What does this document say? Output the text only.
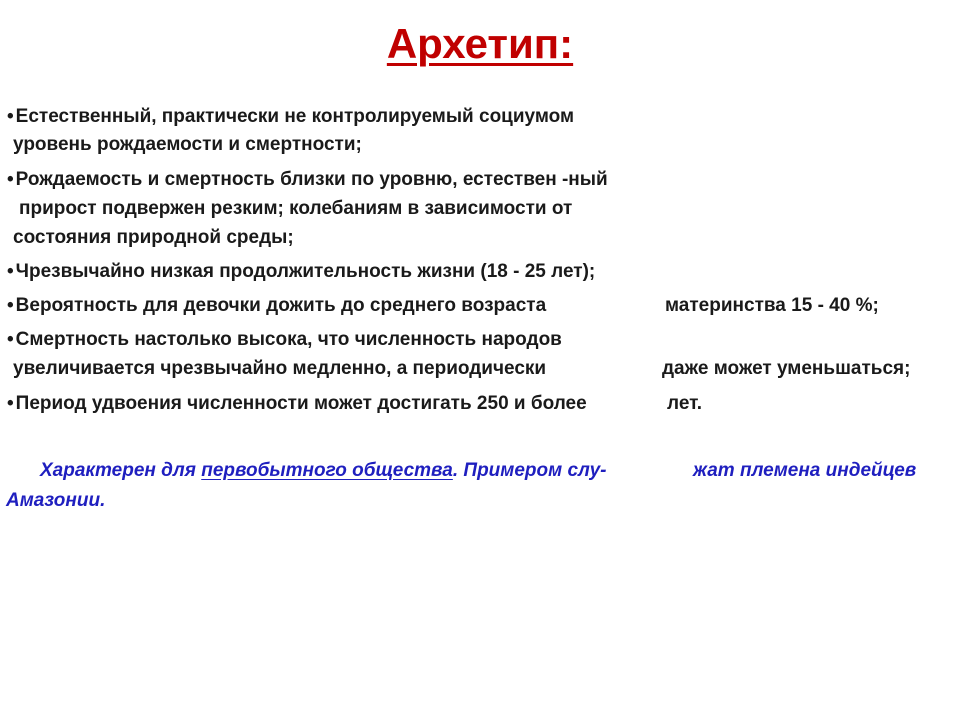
Архетип:
• Естественный, практически не контролируемый социумом
уровень рождаемости и смертности;
• Рождаемость и смертность близки по уровню, естествен -ный
прирост подвержен резким; колебаниям в зависимости от
состояния природной среды;
• Чрезвычайно низкая продолжительность жизни (18 - 25 лет);
• Вероятность для девочки дожить до среднего возраста	материнства 15 - 40 %;
• Смертность настолько высока, что численность народов
увеличивается чрезвычайно медленно, а периодически	даже может уменьшаться;
• Период удвоения численности может достигать 250 и более	лет.
Характерен для первобытного общества. Примером слу-	жат племена индейцев
Амазонии.
